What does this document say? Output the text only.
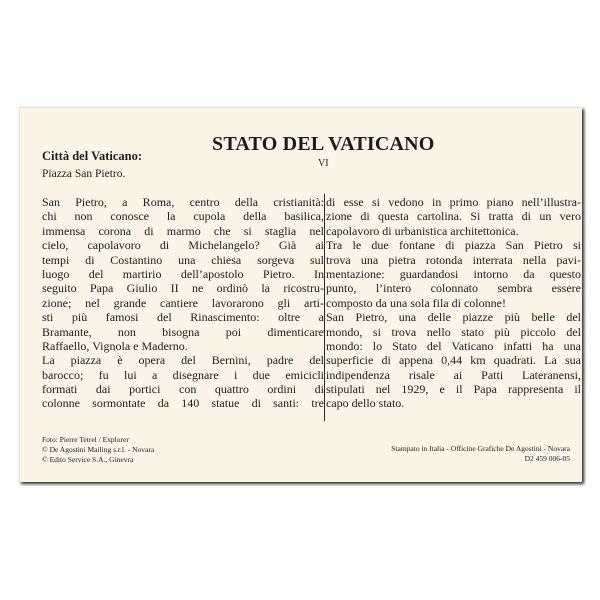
STATO DEL VATICANO
Città del Vaticano:
Piazza San Pietro.
VI
San Pietro, a Roma, centro della cristianità:
chi non conosce la cupola della basilica,
immensa corona di marmo che si staglia nel
cielo, capolavoro di Michelangelo? Già ai
tempi di Costantino una chiesa sorgeva sul
luogo del martirio dell’apostolo Pietro. In
seguito Papa Giulio II ne ordinò la ricostru-
zione; nel grande cantiere lavorarono gli arti-
sti più famosi del Rinascimento: oltre a
Bramante, non bisogna poi dimenticare
Raffaello, Vignola e Maderno.
La piazza è opera del Bernini, padre del
barocco; fu lui a disegnare i due emicicli
formati dai portici con quattro ordini di
colonne sormontate da 140 statue di santi: tre
di esse si vedono in primo piano nell’illustra-
zione di questa cartolina. Si tratta di un vero
capolavoro di urbanistica architettonica.
Tra le due fontane di piazza San Pietro si
trova una pietra rotonda interrata nella pavi-
mentazione: guardandosi intorno da questo
punto, l’intero colonnato sembra essere
composto da una sola fila di colonne!
San Pietro, una delle piazze più belle del
mondo, si trova nello stato più piccolo del
mondo: lo Stato del Vaticano infatti ha una
superficie di appena 0,44 km quadrati. La sua
indipendenza risale ai Patti Lateranensi,
stipulati nel 1929, e il Papa rappresenta il
capo dello stato.
Foto: Pierre Tetrel / Explorer
© De Agostini Mailing s.r.l. - Novara
© Edito Service S.A., Ginevra
Stampato in Italia - Officine Grafiche De Agostini - Novara
D2 459 006-05
